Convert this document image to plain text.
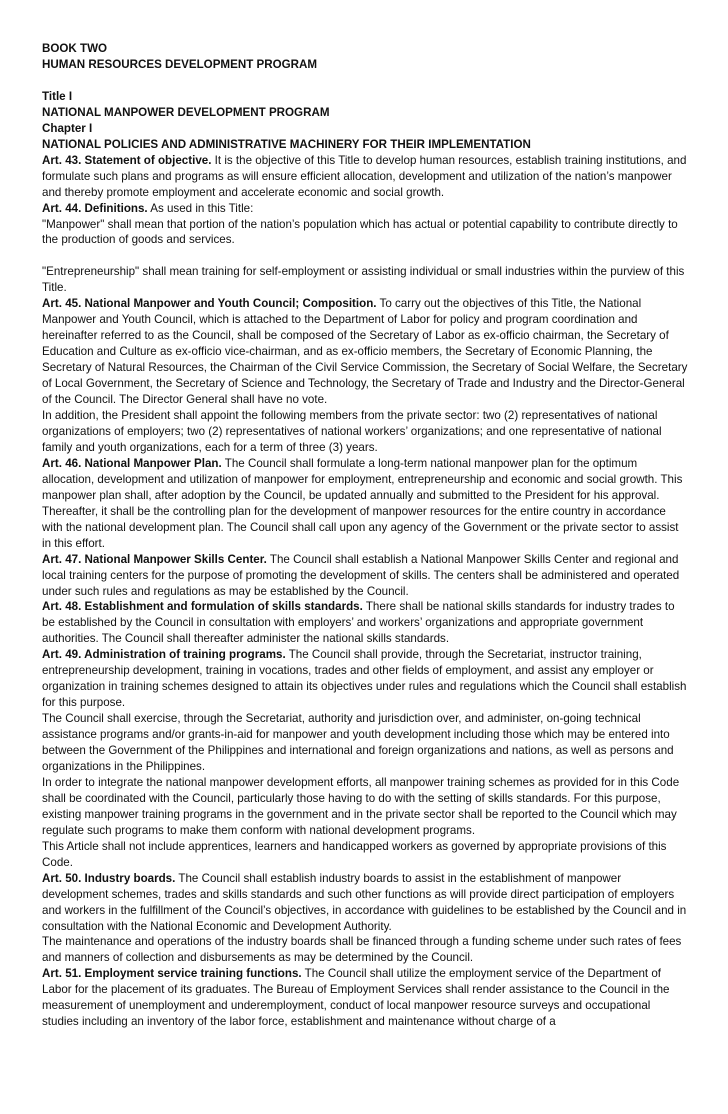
BOOK TWO

HUMAN RESOURCES DEVELOPMENT PROGRAM

Title I

NATIONAL MANPOWER DEVELOPMENT PROGRAM

Chapter I

NATIONAL POLICIES AND ADMINISTRATIVE MACHINERY FOR THEIR IMPLEMENTATION

Art. 43. Statement of objective. It is the objective of this Title to develop human resources, establish training institutions, and formulate such plans and programs as will ensure efficient allocation, development and utilization of the nation’s manpower and thereby promote employment and accelerate economic and social growth.

Art. 44. Definitions. As used in this Title:

"Manpower" shall mean that portion of the nation’s population which has actual or potential capability to contribute directly to the production of goods and services.

"Entrepreneurship" shall mean training for self-employment or assisting individual or small industries within the purview of this Title.

Art. 45. National Manpower and Youth Council; Composition. To carry out the objectives of this Title, the National Manpower and Youth Council, which is attached to the Department of Labor for policy and program coordination and hereinafter referred to as the Council, shall be composed of the Secretary of Labor as ex-officio chairman, the Secretary of Education and Culture as ex-officio vice-chairman, and as ex-officio members, the Secretary of Economic Planning, the Secretary of Natural Resources, the Chairman of the Civil Service Commission, the Secretary of Social Welfare, the Secretary of Local Government, the Secretary of Science and Technology, the Secretary of Trade and Industry and the Director-General of the Council. The Director General shall have no vote.

In addition, the President shall appoint the following members from the private sector: two (2) representatives of national organizations of employers; two (2) representatives of national workers’ organizations; and one representative of national family and youth organizations, each for a term of three (3) years.

Art. 46. National Manpower Plan. The Council shall formulate a long-term national manpower plan for the optimum allocation, development and utilization of manpower for employment, entrepreneurship and economic and social growth. This manpower plan shall, after adoption by the Council, be updated annually and submitted to the President for his approval. Thereafter, it shall be the controlling plan for the development of manpower resources for the entire country in accordance with the national development plan. The Council shall call upon any agency of the Government or the private sector to assist in this effort.

Art. 47. National Manpower Skills Center. The Council shall establish a National Manpower Skills Center and regional and local training centers for the purpose of promoting the development of skills. The centers shall be administered and operated under such rules and regulations as may be established by the Council.

Art. 48. Establishment and formulation of skills standards. There shall be national skills standards for industry trades to be established by the Council in consultation with employers’ and workers’ organizations and appropriate government authorities. The Council shall thereafter administer the national skills standards.

Art. 49. Administration of training programs. The Council shall provide, through the Secretariat, instructor training, entrepreneurship development, training in vocations, trades and other fields of employment, and assist any employer or organization in training schemes designed to attain its objectives under rules and regulations which the Council shall establish for this purpose.

The Council shall exercise, through the Secretariat, authority and jurisdiction over, and administer, on-going technical assistance programs and/or grants-in-aid for manpower and youth development including those which may be entered into between the Government of the Philippines and international and foreign organizations and nations, as well as persons and organizations in the Philippines.

In order to integrate the national manpower development efforts, all manpower training schemes as provided for in this Code shall be coordinated with the Council, particularly those having to do with the setting of skills standards. For this purpose, existing manpower training programs in the government and in the private sector shall be reported to the Council which may regulate such programs to make them conform with national development programs.

This Article shall not include apprentices, learners and handicapped workers as governed by appropriate provisions of this Code.

Art. 50. Industry boards. The Council shall establish industry boards to assist in the establishment of manpower development schemes, trades and skills standards and such other functions as will provide direct participation of employers and workers in the fulfillment of the Council’s objectives, in accordance with guidelines to be established by the Council and in consultation with the National Economic and Development Authority.

The maintenance and operations of the industry boards shall be financed through a funding scheme under such rates of fees and manners of collection and disbursements as may be determined by the Council.

Art. 51. Employment service training functions. The Council shall utilize the employment service of the Department of Labor for the placement of its graduates. The Bureau of Employment Services shall render assistance to the Council in the measurement of unemployment and underemployment, conduct of local manpower resource surveys and occupational studies including an inventory of the labor force, establishment and maintenance without charge of a
